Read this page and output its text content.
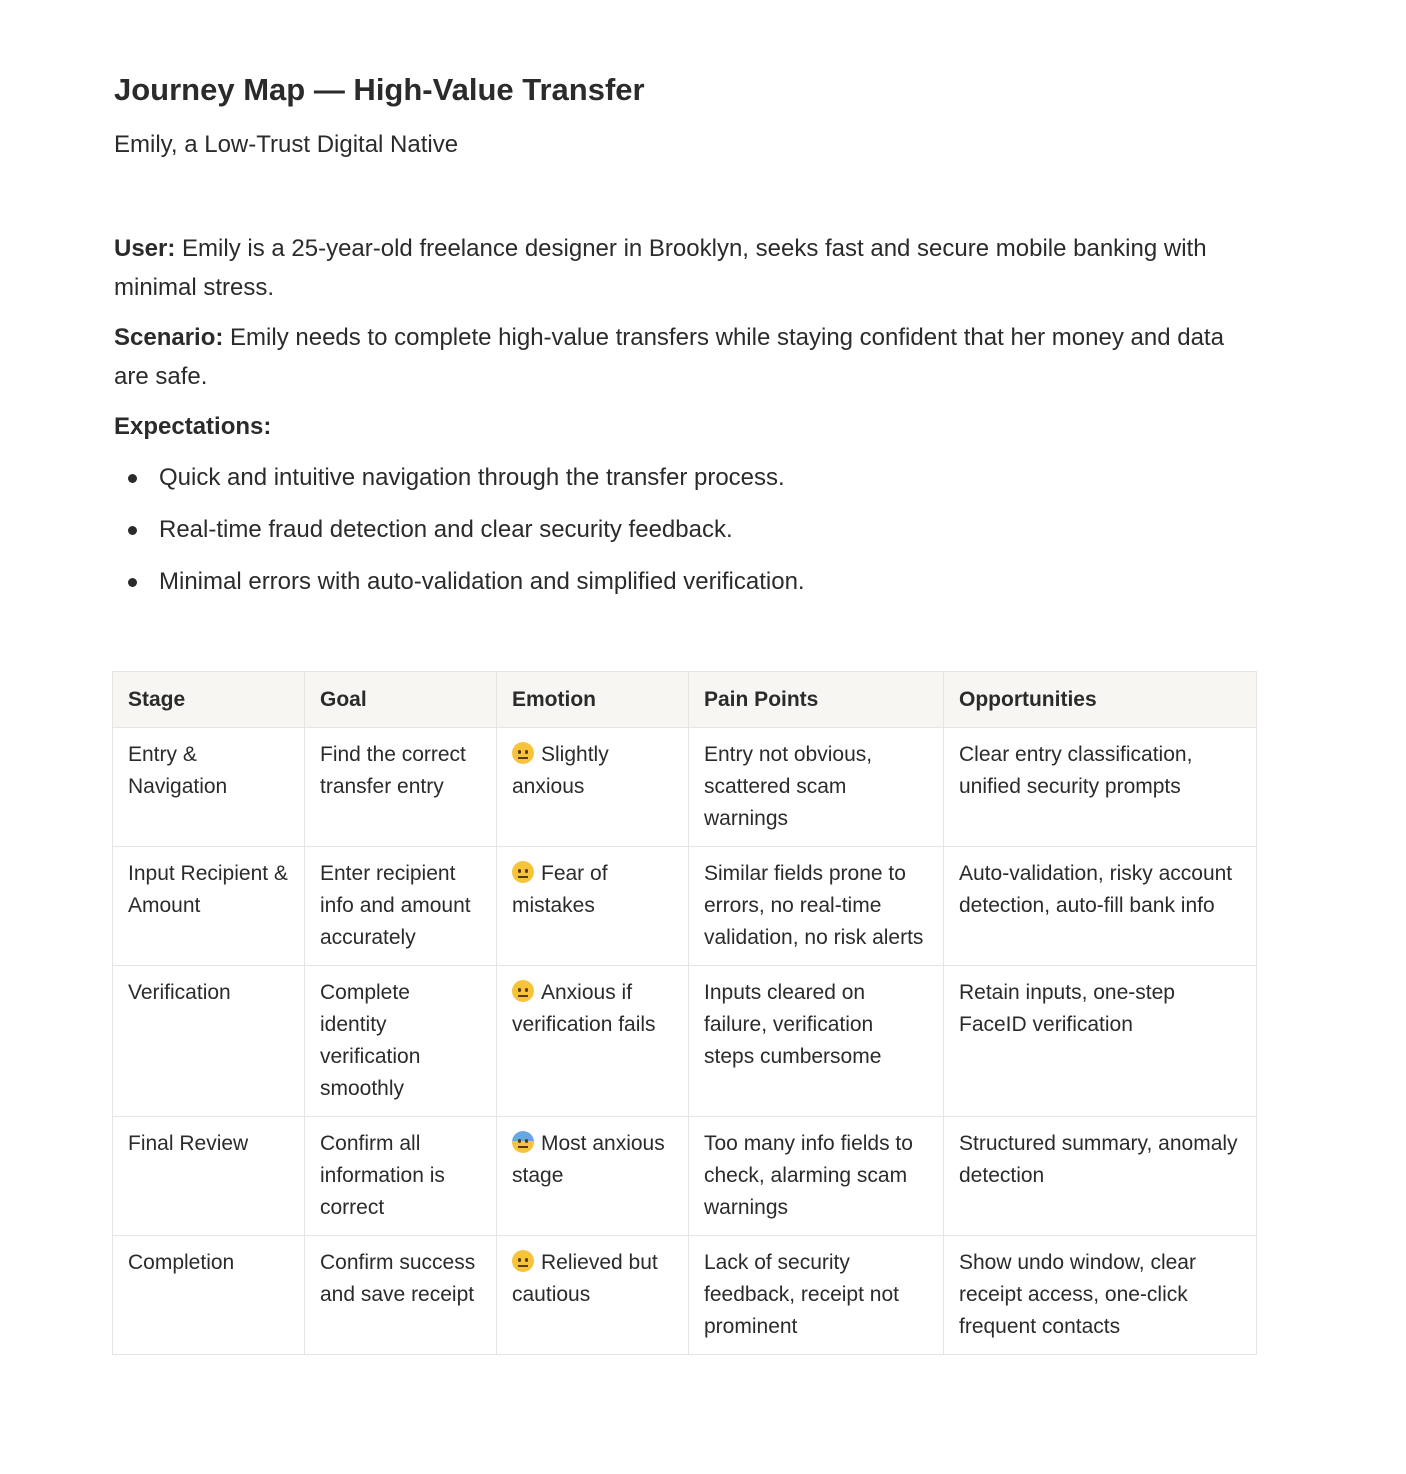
Journey Map — High-Value Transfer

Emily, a Low-Trust Digital Native

User: Emily is a 25-year-old freelance designer in Brooklyn, seeks fast and secure mobile banking with minimal stress.

Scenario: Emily needs to complete high-value transfers while staying confident that her money and data are safe.

Expectations:

Quick and intuitive navigation through the transfer process.
Real-time fraud detection and clear security feedback.
Minimal errors with auto-validation and simplified verification.
Stage	Goal	Emotion	Pain Points	Opportunities
Entry & Navigation	Find the correct transfer entry	Slightly anxious	Entry not obvious, scattered scam warnings	Clear entry classification, unified security prompts
Input Recipient & Amount	Enter recipient info and amount accurately	Fear of mistakes	Similar fields prone to errors, no real-time validation, no risk alerts	Auto-validation, risky account detection, auto-fill bank info
Verification	Complete identity verification smoothly	Anxious if verification fails	Inputs cleared on failure, verification steps cumbersome	Retain inputs, one-step FaceID verification
Final Review	Confirm all information is correct	Most anxious stage	Too many info fields to check, alarming scam warnings	Structured summary, anomaly detection
Completion	Confirm success and save receipt	Relieved but cautious	Lack of security feedback, receipt not prominent	Show undo window, clear receipt access, one-click frequent contacts
